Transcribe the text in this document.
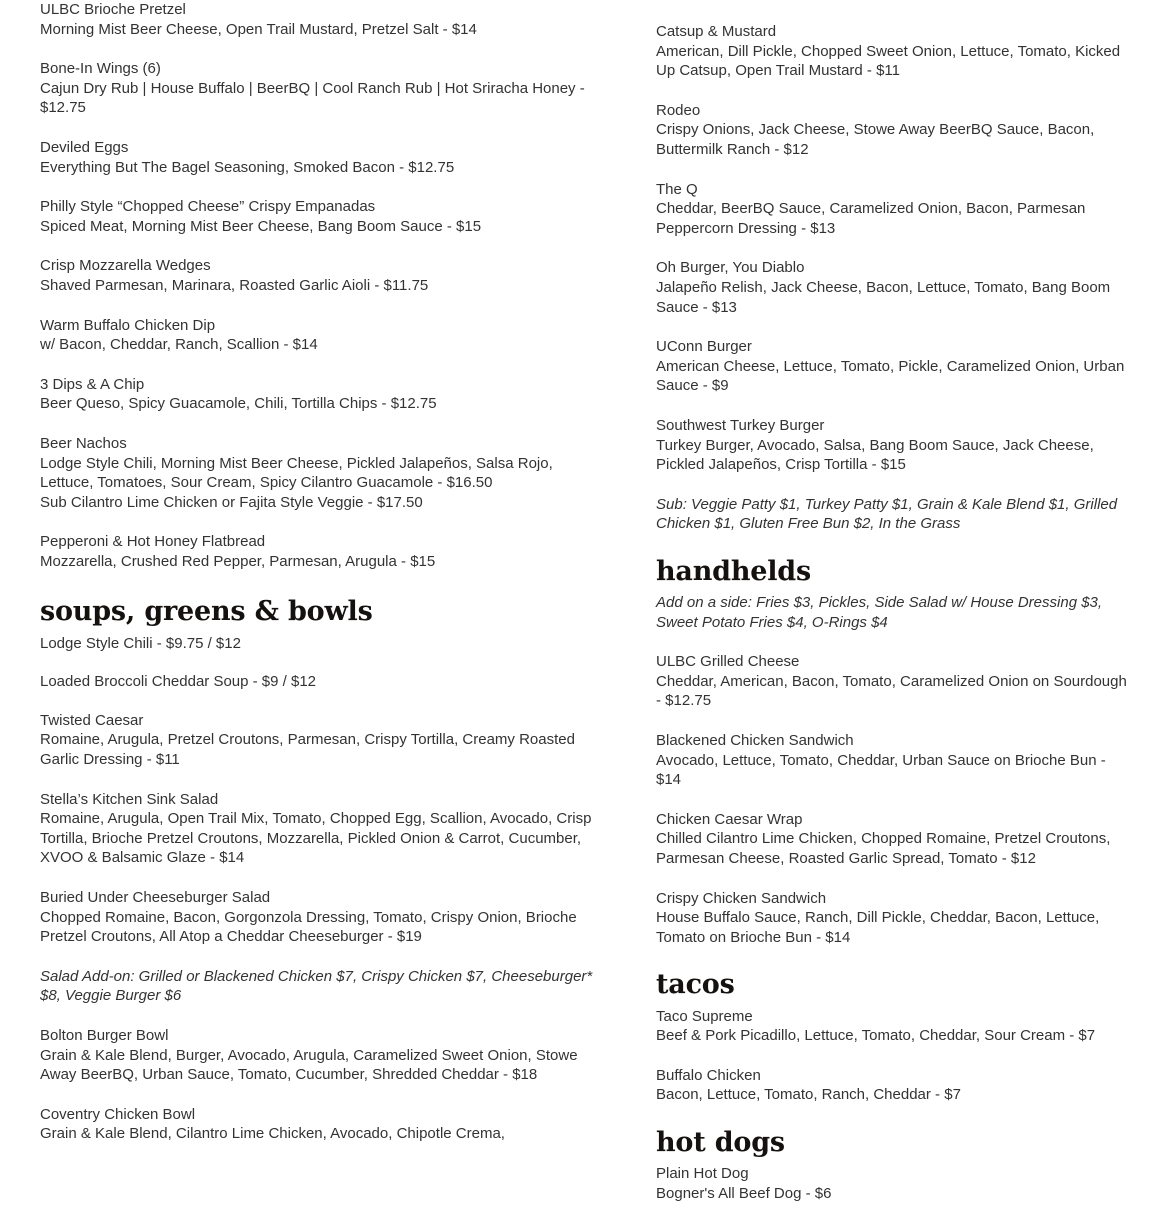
ULBC Brioche Pretzel
Morning Mist Beer Cheese, Open Trail Mustard, Pretzel Salt - $14
Bone-In Wings (6)
Cajun Dry Rub | House Buffalo | BeerBQ | Cool Ranch Rub | Hot Sriracha Honey - $12.75
Deviled Eggs
Everything But The Bagel Seasoning, Smoked Bacon - $12.75
Philly Style “Chopped Cheese” Crispy Empanadas
Spiced Meat, Morning Mist Beer Cheese, Bang Boom Sauce - $15
Crisp Mozzarella Wedges
Shaved Parmesan, Marinara, Roasted Garlic Aioli - $11.75
Warm Buffalo Chicken Dip
w/ Bacon, Cheddar, Ranch, Scallion - $14
3 Dips & A Chip
Beer Queso, Spicy Guacamole, Chili, Tortilla Chips - $12.75
Beer Nachos
Lodge Style Chili, Morning Mist Beer Cheese, Pickled Jalapeños, Salsa Rojo, Lettuce, Tomatoes, Sour Cream, Spicy Cilantro Guacamole - $16.50
Sub Cilantro Lime Chicken or Fajita Style Veggie - $17.50
Pepperoni & Hot Honey Flatbread
Mozzarella, Crushed Red Pepper, Parmesan, Arugula - $15
soups, greens & bowls
Lodge Style Chili - $9.75 / $12
Loaded Broccoli Cheddar Soup - $9 / $12
Twisted Caesar
Romaine, Arugula, Pretzel Croutons, Parmesan, Crispy Tortilla, Creamy Roasted Garlic Dressing - $11
Stella’s Kitchen Sink Salad
Romaine, Arugula, Open Trail Mix, Tomato, Chopped Egg, Scallion, Avocado, Crisp Tortilla, Brioche Pretzel Croutons, Mozzarella, Pickled Onion & Carrot, Cucumber, XVOO & Balsamic Glaze - $14
Buried Under Cheeseburger Salad
Chopped Romaine, Bacon, Gorgonzola Dressing, Tomato, Crispy Onion, Brioche Pretzel Croutons, All Atop a Cheddar Cheeseburger - $19
Salad Add-on: Grilled or Blackened Chicken $7, Crispy Chicken $7, Cheeseburger* $8, Veggie Burger $6
Bolton Burger Bowl
Grain & Kale Blend, Burger, Avocado, Arugula, Caramelized Sweet Onion, Stowe Away BeerBQ, Urban Sauce, Tomato, Cucumber, Shredded Cheddar - $18
Coventry Chicken Bowl
Grain & Kale Blend, Cilantro Lime Chicken, Avocado, Chipotle Crema,
Catsup & Mustard
American, Dill Pickle, Chopped Sweet Onion, Lettuce, Tomato, Kicked Up Catsup, Open Trail Mustard - $11
Rodeo
Crispy Onions, Jack Cheese, Stowe Away BeerBQ Sauce, Bacon, Buttermilk Ranch - $12
The Q
Cheddar, BeerBQ Sauce, Caramelized Onion, Bacon, Parmesan Peppercorn Dressing - $13
Oh Burger, You Diablo
Jalapeño Relish, Jack Cheese, Bacon, Lettuce, Tomato, Bang Boom Sauce - $13
UConn Burger
American Cheese, Lettuce, Tomato, Pickle, Caramelized Onion, Urban Sauce - $9
Southwest Turkey Burger
Turkey Burger, Avocado, Salsa, Bang Boom Sauce, Jack Cheese, Pickled Jalapeños, Crisp Tortilla - $15
Sub: Veggie Patty $1, Turkey Patty $1, Grain & Kale Blend $1, Grilled Chicken $1, Gluten Free Bun $2, In the Grass
handhelds
Add on a side: Fries $3, Pickles, Side Salad w/ House Dressing $3, Sweet Potato Fries $4, O-Rings $4
ULBC Grilled Cheese
Cheddar, American, Bacon, Tomato, Caramelized Onion on Sourdough - $12.75
Blackened Chicken Sandwich
Avocado, Lettuce, Tomato, Cheddar, Urban Sauce on Brioche Bun - $14
Chicken Caesar Wrap
Chilled Cilantro Lime Chicken, Chopped Romaine, Pretzel Croutons, Parmesan Cheese, Roasted Garlic Spread, Tomato - $12
Crispy Chicken Sandwich
House Buffalo Sauce, Ranch, Dill Pickle, Cheddar, Bacon, Lettuce, Tomato on Brioche Bun - $14
tacos
Taco Supreme
Beef & Pork Picadillo, Lettuce, Tomato, Cheddar, Sour Cream - $7
Buffalo Chicken
Bacon, Lettuce, Tomato, Ranch, Cheddar - $7
hot dogs
Plain Hot Dog
Bogner's All Beef Dog - $6
